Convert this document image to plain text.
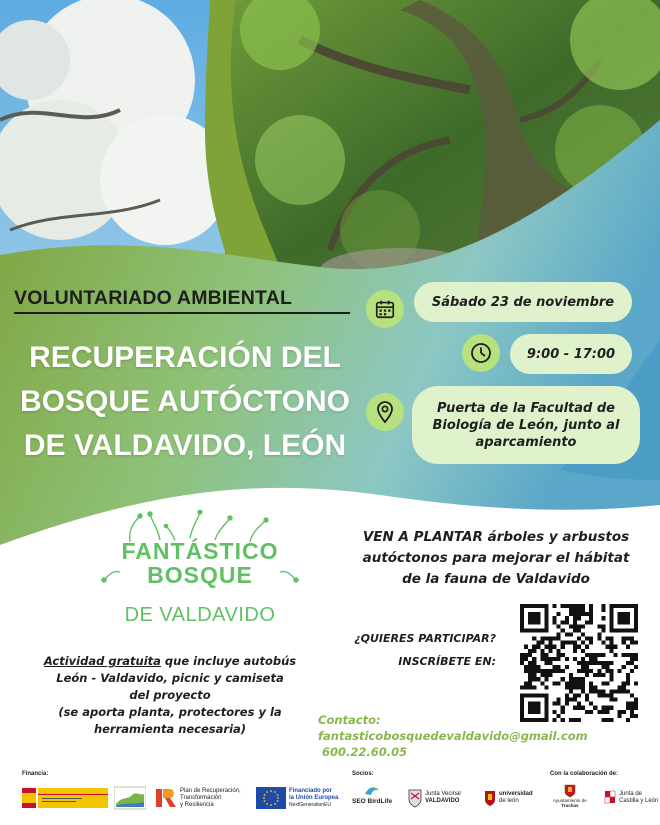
VOLUNTARIADO AMBIENTAL
RECUPERACIÓN DEL
BOSQUE AUTÓCTONO
DE VALDAVIDO, LEÓN
Sábado 23 de noviembre
9:00 - 17:00
Puerta de la Facultad de
Biología de León, junto al
aparcamiento
FANTÁSTICO
BOSQUE
DE VALDAVIDO
VEN A PLANTAR árboles y arbustos
autóctonos para mejorar el hábitat
de la fauna de Valdavido
¿QUIERES PARTICIPAR?
INSCRÍBETE EN:
Actividad gratuita que incluye autobús
León - Valdavido, picnic y camiseta
del proyecto
(se aporta planta, protectores y la
herramienta necesaria)
Contacto:
fantasticobosquedevaldavido@gmail.com
600.22.60.05
Financia:	Socios:	Con la colaboración de:
Plan de Recuperación,
Transformación
y Resiliencia
Financiado por
la Unión Europea
NextGenerationEU	SEO BirdLife
Junta Vecinal
VALDAVIDO
universidad
de león	Ayuntamiento de
Truchas
Junta de
Castilla y León
